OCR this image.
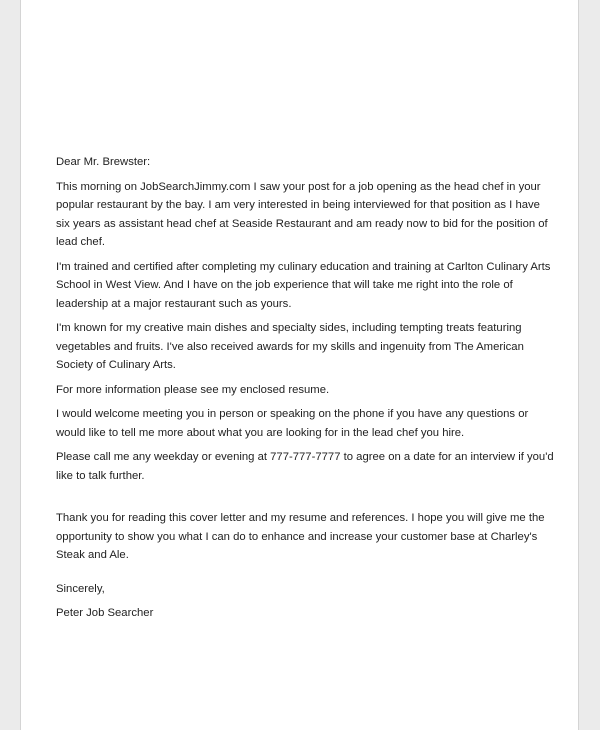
Dear Mr. Brewster:

This morning on JobSearchJimmy.com I saw your post for a job opening as the head chef in your popular restaurant by the bay. I am very interested in being interviewed for that position as I have six years as assistant head chef at Seaside Restaurant and am ready now to bid for the position of lead chef.

I'm trained and certified after completing my culinary education and training at Carlton Culinary Arts School in West View. And I have on the job experience that will take me right into the role of leadership at a major restaurant such as yours.

I'm known for my creative main dishes and specialty sides, including tempting treats featuring vegetables and fruits. I've also received awards for my skills and ingenuity from The American Society of Culinary Arts.

For more information please see my enclosed resume.

I would welcome meeting you in person or speaking on the phone if you have any questions or would like to tell me more about what you are looking for in the lead chef you hire.

Please call me any weekday or evening at 777-777-7777 to agree on a date for an interview if you'd like to talk further.

Thank you for reading this cover letter and my resume and references. I hope you will give me the opportunity to show you what I can do to enhance and increase your customer base at Charley's Steak and Ale.

Sincerely,

Peter Job Searcher
